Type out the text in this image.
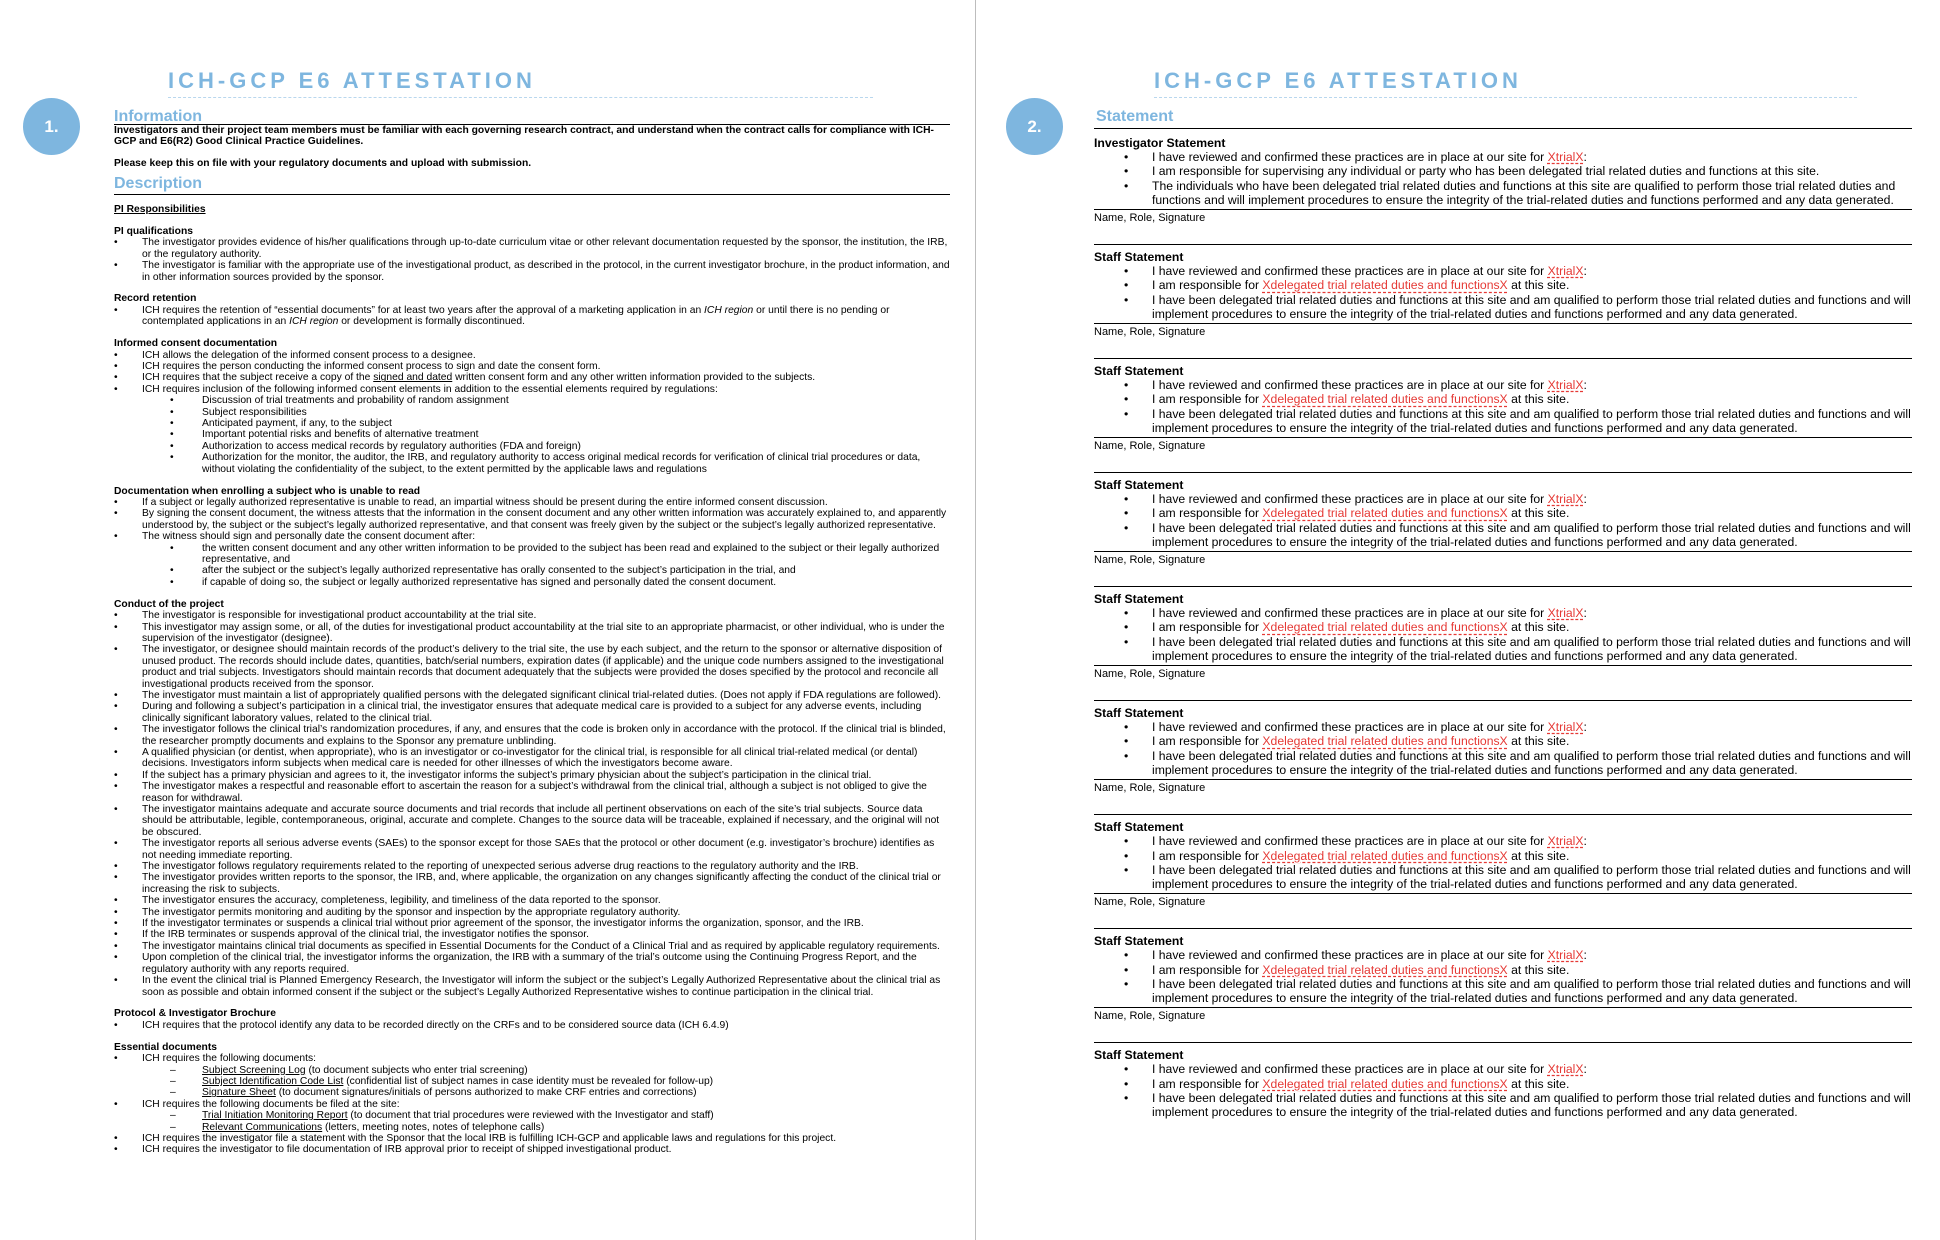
ICH-GCP E6 ATTESTATION
1.	Information

Investigators and their project team members must be familiar with each governing research contract, and understand when the contract calls for compliance with ICH-GCP and E6(R2) Good Clinical Practice Guidelines.

Please keep this on file with your regulatory documents and upload with submission.

Description

PI Responsibilities

PI qualifications

• The investigator provides evidence of his/her qualifications through up-to-date curriculum vitae or other relevant documentation requested by the sponsor, the institution, the IRB, or the regulatory authority.
• The investigator is familiar with the appropriate use of the investigational product, as described in the protocol, in the current investigator brochure, in the product information, and in other information sources provided by the sponsor.

Record retention

• ICH requires the retention of “essential documents” for at least two years after the approval of a marketing application in an ICH region or until there is no pending or contemplated applications in an ICH region or development is formally discontinued.

Informed consent documentation

• ICH allows the delegation of the informed consent process to a designee.
• ICH requires the person conducting the informed consent process to sign and date the consent form.
• ICH requires that the subject receive a copy of the signed and dated written consent form and any other written information provided to the subjects.
• ICH requires inclusion of the following informed consent elements in addition to the essential elements required by regulations:
•	Discussion of trial treatments and probability of random assignment
•	Subject responsibilities
•	Anticipated payment, if any, to the subject
•	Important potential risks and benefits of alternative treatment
•	Authorization to access medical records by regulatory authorities (FDA and foreign)
•	Authorization for the monitor, the auditor, the IRB, and regulatory authority to access original medical records for verification of clinical trial procedures or data, without violating the confidentiality of the subject, to the extent permitted by the applicable laws and regulations

Documentation when enrolling a subject who is unable to read

• If a subject or legally authorized representative is unable to read, an impartial witness should be present during the entire informed consent discussion.
• By signing the consent document, the witness attests that the information in the consent document and any other written information was accurately explained to, and apparently understood by, the subject or the subject’s legally authorized representative, and that consent was freely given by the subject or the subject’s legally authorized representative.
• The witness should sign and personally date the consent document after:
•	the written consent document and any other written information to be provided to the subject has been read and explained to the subject or their legally authorized representative, and
•	after the subject or the subject’s legally authorized representative has orally consented to the subject’s participation in the trial, and
•	if capable of doing so, the subject or legally authorized representative has signed and personally dated the consent document.

Conduct of the project

• The investigator is responsible for investigational product accountability at the trial site.
• This investigator may assign some, or all, of the duties for investigational product accountability at the trial site to an appropriate pharmacist, or other individual, who is under the supervision of the investigator (designee).
• The investigator, or designee should maintain records of the product’s delivery to the trial site, the use by each subject, and the return to the sponsor or alternative disposition of unused product. The records should include dates, quantities, batch/serial numbers, expiration dates (if applicable) and the unique code numbers assigned to the investigational product and trial subjects. Investigators should maintain records that document adequately that the subjects were provided the doses specified by the protocol and reconcile all investigational products received from the sponsor.
• The investigator must maintain a list of appropriately qualified persons with the delegated significant clinical trial-related duties. (Does not apply if FDA regulations are followed).
• During and following a subject’s participation in a clinical trial, the investigator ensures that adequate medical care is provided to a subject for any adverse events, including clinically significant laboratory values, related to the clinical trial.
• The investigator follows the clinical trial’s randomization procedures, if any, and ensures that the code is broken only in accordance with the protocol. If the clinical trial is blinded, the researcher promptly documents and explains to the Sponsor any premature unblinding.
• A qualified physician (or dentist, when appropriate), who is an investigator or co-investigator for the clinical trial, is responsible for all clinical trial-related medical (or dental) decisions. Investigators inform subjects when medical care is needed for other illnesses of which the investigators become aware.
• If the subject has a primary physician and agrees to it, the investigator informs the subject’s primary physician about the subject’s participation in the clinical trial.
• The investigator makes a respectful and reasonable effort to ascertain the reason for a subject’s withdrawal from the clinical trial, although a subject is not obliged to give the reason for withdrawal.
• The investigator maintains adequate and accurate source documents and trial records that include all pertinent observations on each of the site’s trial subjects. Source data should be attributable, legible, contemporaneous, original, accurate and complete. Changes to the source data will be traceable, explained if necessary, and the original will not be obscured.
• The investigator reports all serious adverse events (SAEs) to the sponsor except for those SAEs that the protocol or other document (e.g. investigator’s brochure) identifies as not needing immediate reporting.
• The investigator follows regulatory requirements related to the reporting of unexpected serious adverse drug reactions to the regulatory authority and the IRB.
• The investigator provides written reports to the sponsor, the IRB, and, where applicable, the organization on any changes significantly affecting the conduct of the clinical trial or increasing the risk to subjects.
• The investigator ensures the accuracy, completeness, legibility, and timeliness of the data reported to the sponsor.
• The investigator permits monitoring and auditing by the sponsor and inspection by the appropriate regulatory authority.
• If the investigator terminates or suspends a clinical trial without prior agreement of the sponsor, the investigator informs the organization, sponsor, and the IRB.
• If the IRB terminates or suspends approval of the clinical trial, the investigator notifies the sponsor.
• The investigator maintains clinical trial documents as specified in Essential Documents for the Conduct of a Clinical Trial and as required by applicable regulatory requirements.
• Upon completion of the clinical trial, the investigator informs the organization, the IRB with a summary of the trial’s outcome using the Continuing Progress Report, and the regulatory authority with any reports required.
• In the event the clinical trial is Planned Emergency Research, the Investigator will inform the subject or the subject’s Legally Authorized Representative about the clinical trial as soon as possible and obtain informed consent if the subject or the subject’s Legally Authorized Representative wishes to continue participation in the clinical trial.

Protocol & Investigator Brochure

• ICH requires that the protocol identify any data to be recorded directly on the CRFs and to be considered source data (ICH 6.4.9)

Essential documents

• ICH requires the following documents:
–	Subject Screening Log (to document subjects who enter trial screening)
–	Subject Identification Code List (confidential list of subject names in case identity must be revealed for follow-up)
–	Signature Sheet (to document signatures/initials of persons authorized to make CRF entries and corrections)
• ICH requires the following documents be filed at the site:
–	Trial Initiation Monitoring Report (to document that trial procedures were reviewed with the Investigator and staff)
–	Relevant Communications (letters, meeting notes, notes of telephone calls)
• ICH requires the investigator file a statement with the Sponsor that the local IRB is fulfilling ICH-GCP and applicable laws and regulations for this project.
• ICH requires the investigator to file documentation of IRB approval prior to receipt of shipped investigational product.
ICH-GCP E6 ATTESTATION
2.	Statement

Investigator Statement

• I have reviewed and confirmed these practices are in place at our site for XtrialX:
• I am responsible for supervising any individual or party who has been delegated trial related duties and functions at this site.
• The individuals who have been delegated trial related duties and functions at this site are qualified to perform those trial related duties and functions and will implement procedures to ensure the integrity of the trial-related duties and functions performed and any data generated.
Name, Role, Signature

Staff Statement

• I have reviewed and confirmed these practices are in place at our site for XtrialX:
• I am responsible for Xdelegated trial related duties and functionsX at this site.
• I have been delegated trial related duties and functions at this site and am qualified to perform those trial related duties and functions and will implement procedures to ensure the integrity of the trial-related duties and functions performed and any data generated.
Name, Role, Signature

Staff Statement

• I have reviewed and confirmed these practices are in place at our site for XtrialX:
• I am responsible for Xdelegated trial related duties and functionsX at this site.
• I have been delegated trial related duties and functions at this site and am qualified to perform those trial related duties and functions and will implement procedures to ensure the integrity of the trial-related duties and functions performed and any data generated.
Name, Role, Signature

Staff Statement

• I have reviewed and confirmed these practices are in place at our site for XtrialX:
• I am responsible for Xdelegated trial related duties and functionsX at this site.
• I have been delegated trial related duties and functions at this site and am qualified to perform those trial related duties and functions and will implement procedures to ensure the integrity of the trial-related duties and functions performed and any data generated.
Name, Role, Signature

Staff Statement

• I have reviewed and confirmed these practices are in place at our site for XtrialX:
• I am responsible for Xdelegated trial related duties and functionsX at this site.
• I have been delegated trial related duties and functions at this site and am qualified to perform those trial related duties and functions and will implement procedures to ensure the integrity of the trial-related duties and functions performed and any data generated.
Name, Role, Signature

Staff Statement

• I have reviewed and confirmed these practices are in place at our site for XtrialX:
• I am responsible for Xdelegated trial related duties and functionsX at this site.
• I have been delegated trial related duties and functions at this site and am qualified to perform those trial related duties and functions and will implement procedures to ensure the integrity of the trial-related duties and functions performed and any data generated.
Name, Role, Signature

Staff Statement

• I have reviewed and confirmed these practices are in place at our site for XtrialX:
• I am responsible for Xdelegated trial related duties and functionsX at this site.
• I have been delegated trial related duties and functions at this site and am qualified to perform those trial related duties and functions and will implement procedures to ensure the integrity of the trial-related duties and functions performed and any data generated.
Name, Role, Signature

Staff Statement

• I have reviewed and confirmed these practices are in place at our site for XtrialX:
• I am responsible for Xdelegated trial related duties and functionsX at this site.
• I have been delegated trial related duties and functions at this site and am qualified to perform those trial related duties and functions and will implement procedures to ensure the integrity of the trial-related duties and functions performed and any data generated.
Name, Role, Signature

Staff Statement

• I have reviewed and confirmed these practices are in place at our site for XtrialX:
• I am responsible for Xdelegated trial related duties and functionsX at this site.
• I have been delegated trial related duties and functions at this site and am qualified to perform those trial related duties and functions and will implement procedures to ensure the integrity of the trial-related duties and functions performed and any data generated.
